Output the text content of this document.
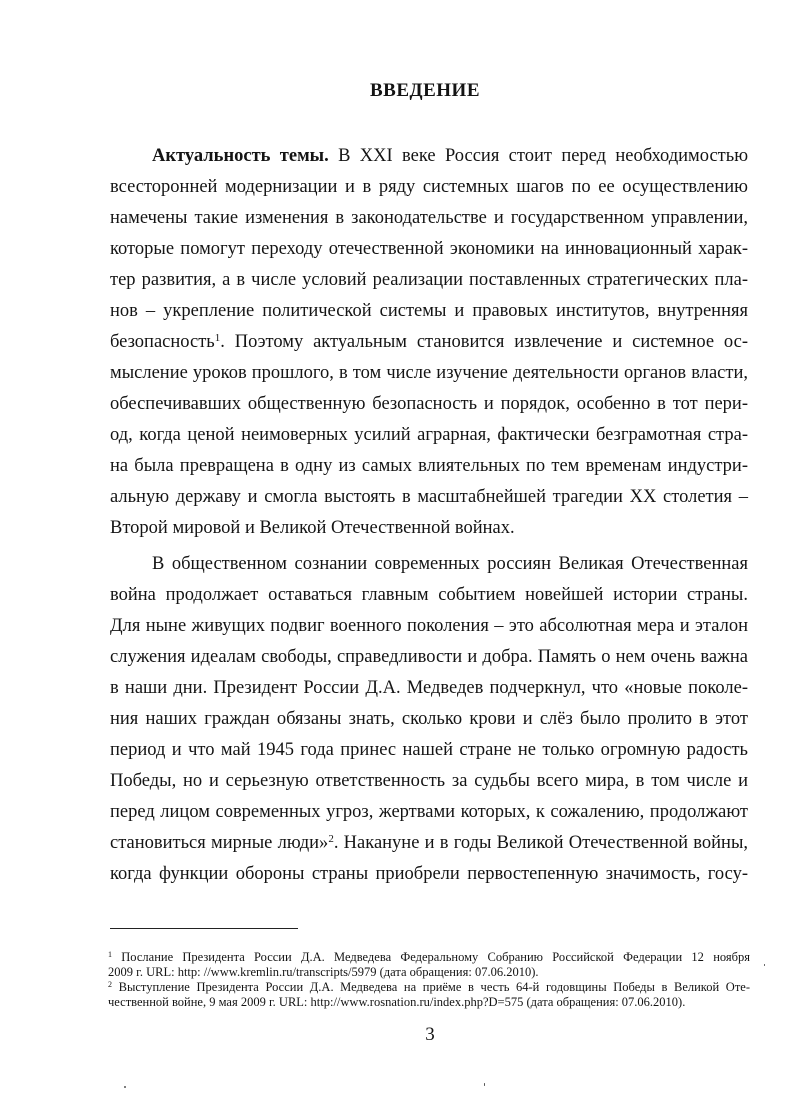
ВВЕДЕНИЕ
Актуальность темы. В XXI веке Россия стоит перед необходимостью
всесторонней модернизации и в ряду системных шагов по ее осуществлению
намечены такие изменения в законодательстве и государственном управлении,
которые помогут переходу отечественной экономики на инновационный харак-
тер развития, а в числе условий реализации поставленных стратегических пла-
нов – укрепление политической системы и правовых институтов, внутренняя
безопасность$^1$. Поэтому актуальным становится извлечение и системное ос-
мысление уроков прошлого, в том числе изучение деятельности органов власти,
обеспечивавших общественную безопасность и порядок, особенно в тот пери-
од, когда ценой неимоверных усилий аграрная, фактически безграмотная стра-
на была превращена в одну из самых влиятельных по тем временам индустри-
альную державу и смогла выстоять в масштабнейшей трагедии XX столетия –
Второй мировой и Великой Отечественной войнах.
В общественном сознании современных россиян Великая Отечественная
война продолжает оставаться главным событием новейшей истории страны.
Для ныне живущих подвиг военного поколения – это абсолютная мера и эталон
служения идеалам свободы, справедливости и добра. Память о нем очень важна
в наши дни. Президент России Д.А. Медведев подчеркнул, что «новые поколе-
ния наших граждан обязаны знать, сколько крови и слёз было пролито в этот
период и что май 1945 года принес нашей стране не только огромную радость
Победы, но и серьезную ответственность за судьбы всего мира, в том числе и
перед лицом современных угроз, жертвами которых, к сожалению, продолжают
становиться мирные люди»$^2$. Накануне и в годы Великой Отечественной войны,
когда функции обороны страны приобрели первостепенную значимость, госу-
$^1$ Послание Президента России Д.А. Медведева Федеральному Собранию Российской Федерации 12 ноября
2009 г. URL: http: //www.kremlin.ru/transcripts/5979 (дата обращения: 07.06.2010).
$^2$ Выступление Президента России Д.А. Медведева на приёме в честь 64-й годовщины Победы в Великой Оте-
чественной войне, 9 мая 2009 г. URL: http://www.rosnation.ru/index.php?D=575 (дата обращения: 07.06.2010).
3
